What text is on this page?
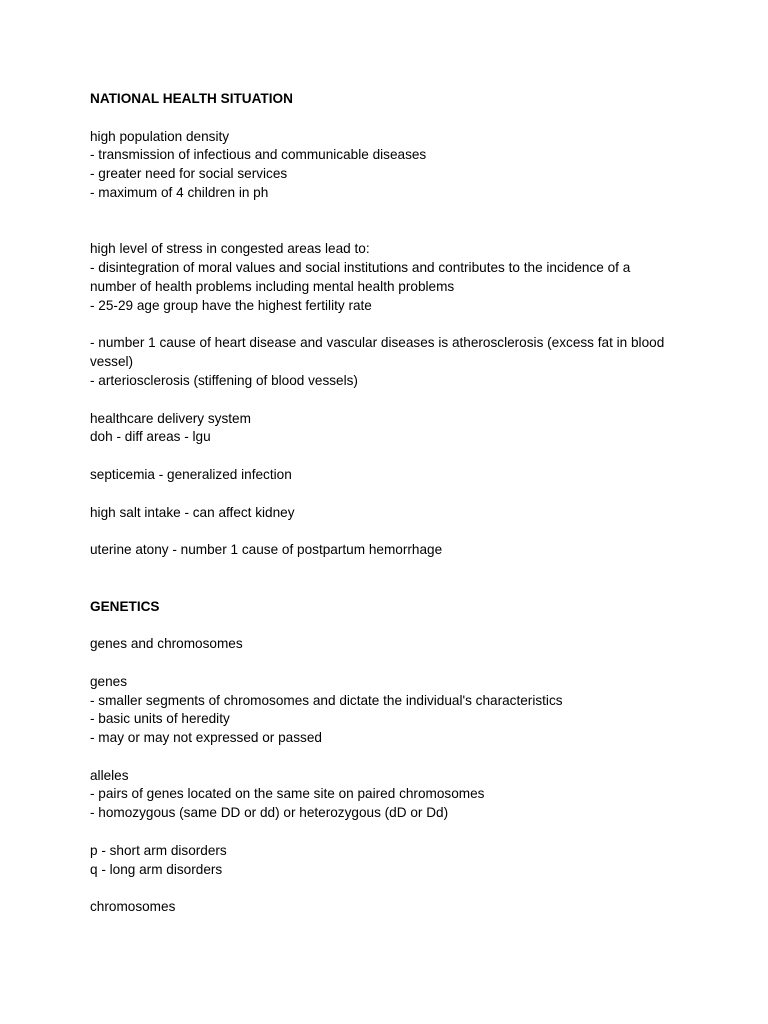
NATIONAL HEALTH SITUATION
high population density
- transmission of infectious and communicable diseases
- greater need for social services
- maximum of 4 children in ph
high level of stress in congested areas lead to:
- disintegration of moral values and social institutions and contributes to the incidence of a
number of health problems including mental health problems
- 25-29 age group have the highest fertility rate
- number 1 cause of heart disease and vascular diseases is atherosclerosis (excess fat in blood
vessel)
- arteriosclerosis (stiffening of blood vessels)
healthcare delivery system
doh - diff areas - lgu
septicemia - generalized infection
high salt intake - can affect kidney
uterine atony - number 1 cause of postpartum hemorrhage
GENETICS
genes and chromosomes
genes
- smaller segments of chromosomes and dictate the individual's characteristics
- basic units of heredity
- may or may not expressed or passed
alleles
- pairs of genes located on the same site on paired chromosomes
- homozygous (same DD or dd) or heterozygous (dD or Dd)
p - short arm disorders
q - long arm disorders
chromosomes
